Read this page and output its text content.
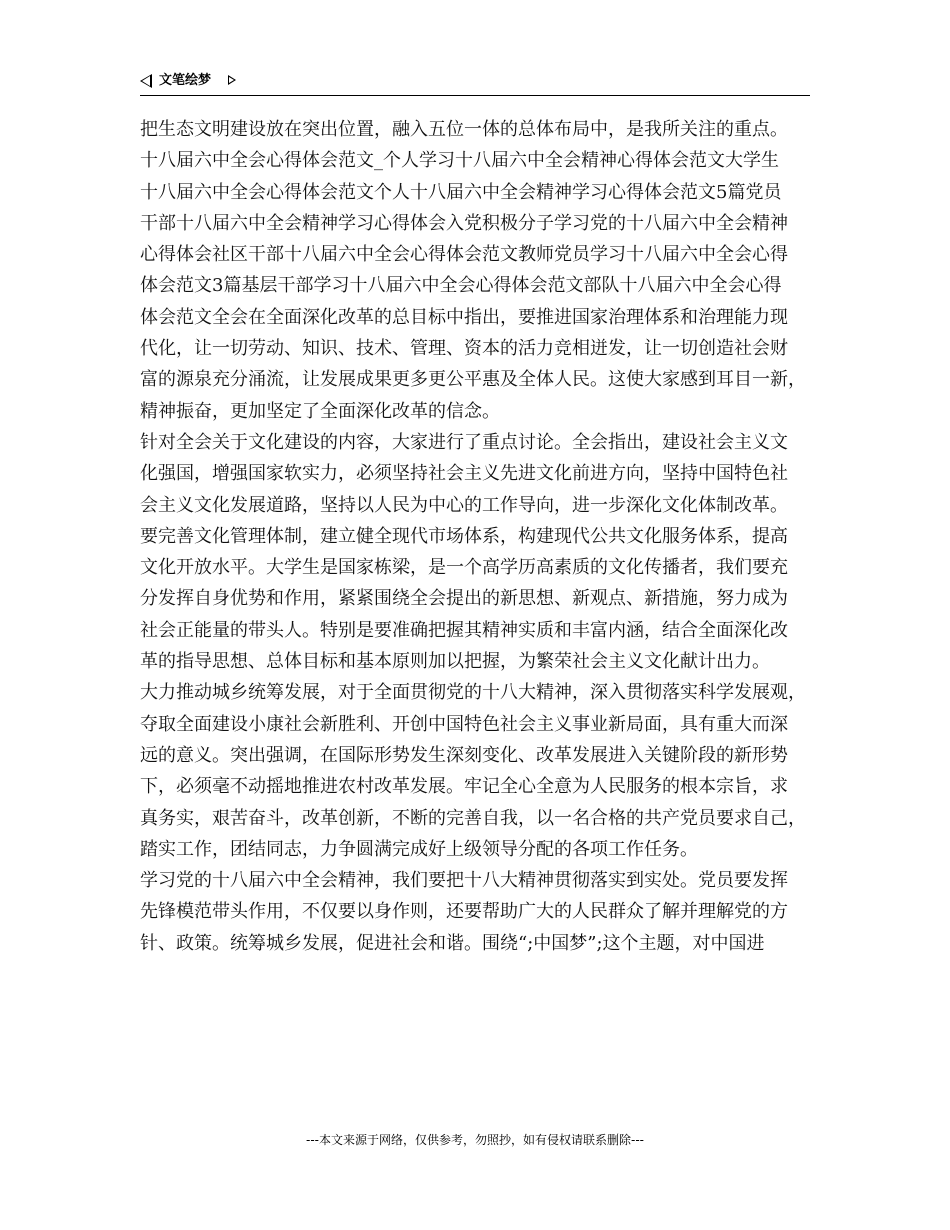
文笔绘梦

把生态文明建设放在突出位置，融入五位一体的总体布局中，是我所关注的重点。

十八届六中全会心得体会范文_个人学习十八届六中全会精神心得体会范文大学生

十八届六中全会心得体会范文个人十八届六中全会精神学习心得体会范文5篇党员

干部十八届六中全会精神学习心得体会入党积极分子学习党的十八届六中全会精神

心得体会社区干部十八届六中全会心得体会范文教师党员学习十八届六中全会心得

体会范文3篇基层干部学习十八届六中全会心得体会范文部队十八届六中全会心得

体会范文全会在全面深化改革的总目标中指出，要推进国家治理体系和治理能力现

代化，让一切劳动、知识、技术、管理、资本的活力竞相迸发，让一切创造社会财

富的源泉充分涌流，让发展成果更多更公平惠及全体人民。这使大家感到耳目一新，

精神振奋，更加坚定了全面深化改革的信念。

针对全会关于文化建设的内容，大家进行了重点讨论。全会指出，建设社会主义文

化强国，增强国家软实力，必须坚持社会主义先进文化前进方向，坚持中国特色社

会主义文化发展道路，坚持以人民为中心的工作导向，进一步深化文化体制改革。

要完善文化管理体制，建立健全现代市场体系，构建现代公共文化服务体系，提高

文化开放水平。大学生是国家栋梁，是一个高学历高素质的文化传播者，我们要充

分发挥自身优势和作用，紧紧围绕全会提出的新思想、新观点、新措施，努力成为

社会正能量的带头人。特别是要准确把握其精神实质和丰富内涵，结合全面深化改

革的指导思想、总体目标和基本原则加以把握，为繁荣社会主义文化献计出力。

大力推动城乡统筹发展，对于全面贯彻党的十八大精神，深入贯彻落实科学发展观，

夺取全面建设小康社会新胜利、开创中国特色社会主义事业新局面，具有重大而深

远的意义。突出强调，在国际形势发生深刻变化、改革发展进入关键阶段的新形势

下，必须毫不动摇地推进农村改革发展。牢记全心全意为人民服务的根本宗旨，求

真务实，艰苦奋斗，改革创新，不断的完善自我，以一名合格的共产党员要求自己，

踏实工作，团结同志，力争圆满完成好上级领导分配的各项工作任务。

学习党的十八届六中全会精神，我们要把十八大精神贯彻落实到实处。党员要发挥

先锋模范带头作用，不仅要以身作则，还要帮助广大的人民群众了解并理解党的方

针、政策。统筹城乡发展，促进社会和谐。围绕“;中国梦”;这个主题，对中国进

---本文来源于网络，仅供参考，勿照抄，如有侵权请联系删除---
